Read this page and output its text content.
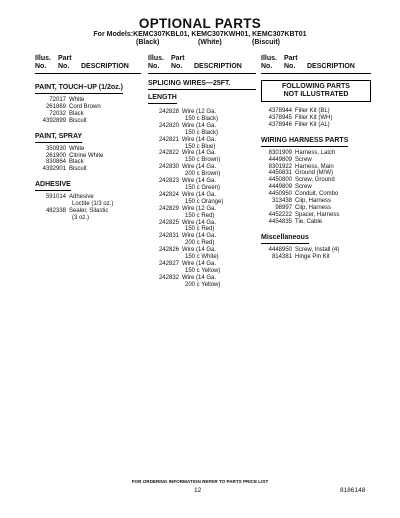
OPTIONAL PARTS
For Models:KEMC307KBL01, KEMC307KWH01, KEMC307KBT01
(Black)	(White)	(Biscuit)
Illus.
No.
Part
No.
	DESCRIPTION
PAINT, TOUCH–UP (1/2oz.)
72017 White
261869 Cord Brown
72032 Black
4392899 Biscuit
PAINT, SPRAY
350930 White
261900 Citrine White
830864 Black
4392901 Biscuit
ADHESIVE
591014 Adhesive
Loctite (1/3 oz.)
482338 Sealer, Silastic
(3 oz.)
Illus.
No.
Part
No.
	DESCRIPTION
SPLICING WIRES—25FT.
LENGTH
242828 Wire (12 Ga.
150 c Black)
242820 Wire (14 Ga.
150 c Black)
242821 Wire (14 Ga.
150 c Blue)
242822 Wire (14 Ga.
150 c Brown)
242830 Wire (14 Ga.
200 c Brown)
242823 Wire (14 Ga.
150 c Green)
242824 Wire (14 Ga.
150 c Orange)
242829 Wire (12 Ga.
150 c Red)
242825 Wire (14 Ga.
150 c Red)
242831 Wire (14 Ga.
200 c Red)
242826 Wire (14 Ga.
150 c White)
242827 Wire (14 Ga.
150 c Yellow)
242832 Wire (14 Ga.
200 c Yellow)
Illus.
No.
Part
No.
	DESCRIPTION
FOLLOWING PARTS
NOT ILLUSTRATED
4378944 Filler Kit (BL)
4378945 Filler Kit (WH)
4378946 Filler Kit (AL)
WIRING HARNESS PARTS
8301909 Harness, Latch
4449809 Screw
8301922 Harness, Main
4450831 Ground (M/W)
4450800 Screw, Ground
4449809 Screw
4450950 Conduit, Combo
313438 Clip, Harness
98997 Clip, Harness
4452222 Spacer, Harness
4454835 Tie, Cable
Miscellaneous
4448950 Screw, Install (4)
814381 Hinge Pin Kit
FOR ORDERING INFORMATION REFER TO PARTS PRICE LIST
12	8186148
